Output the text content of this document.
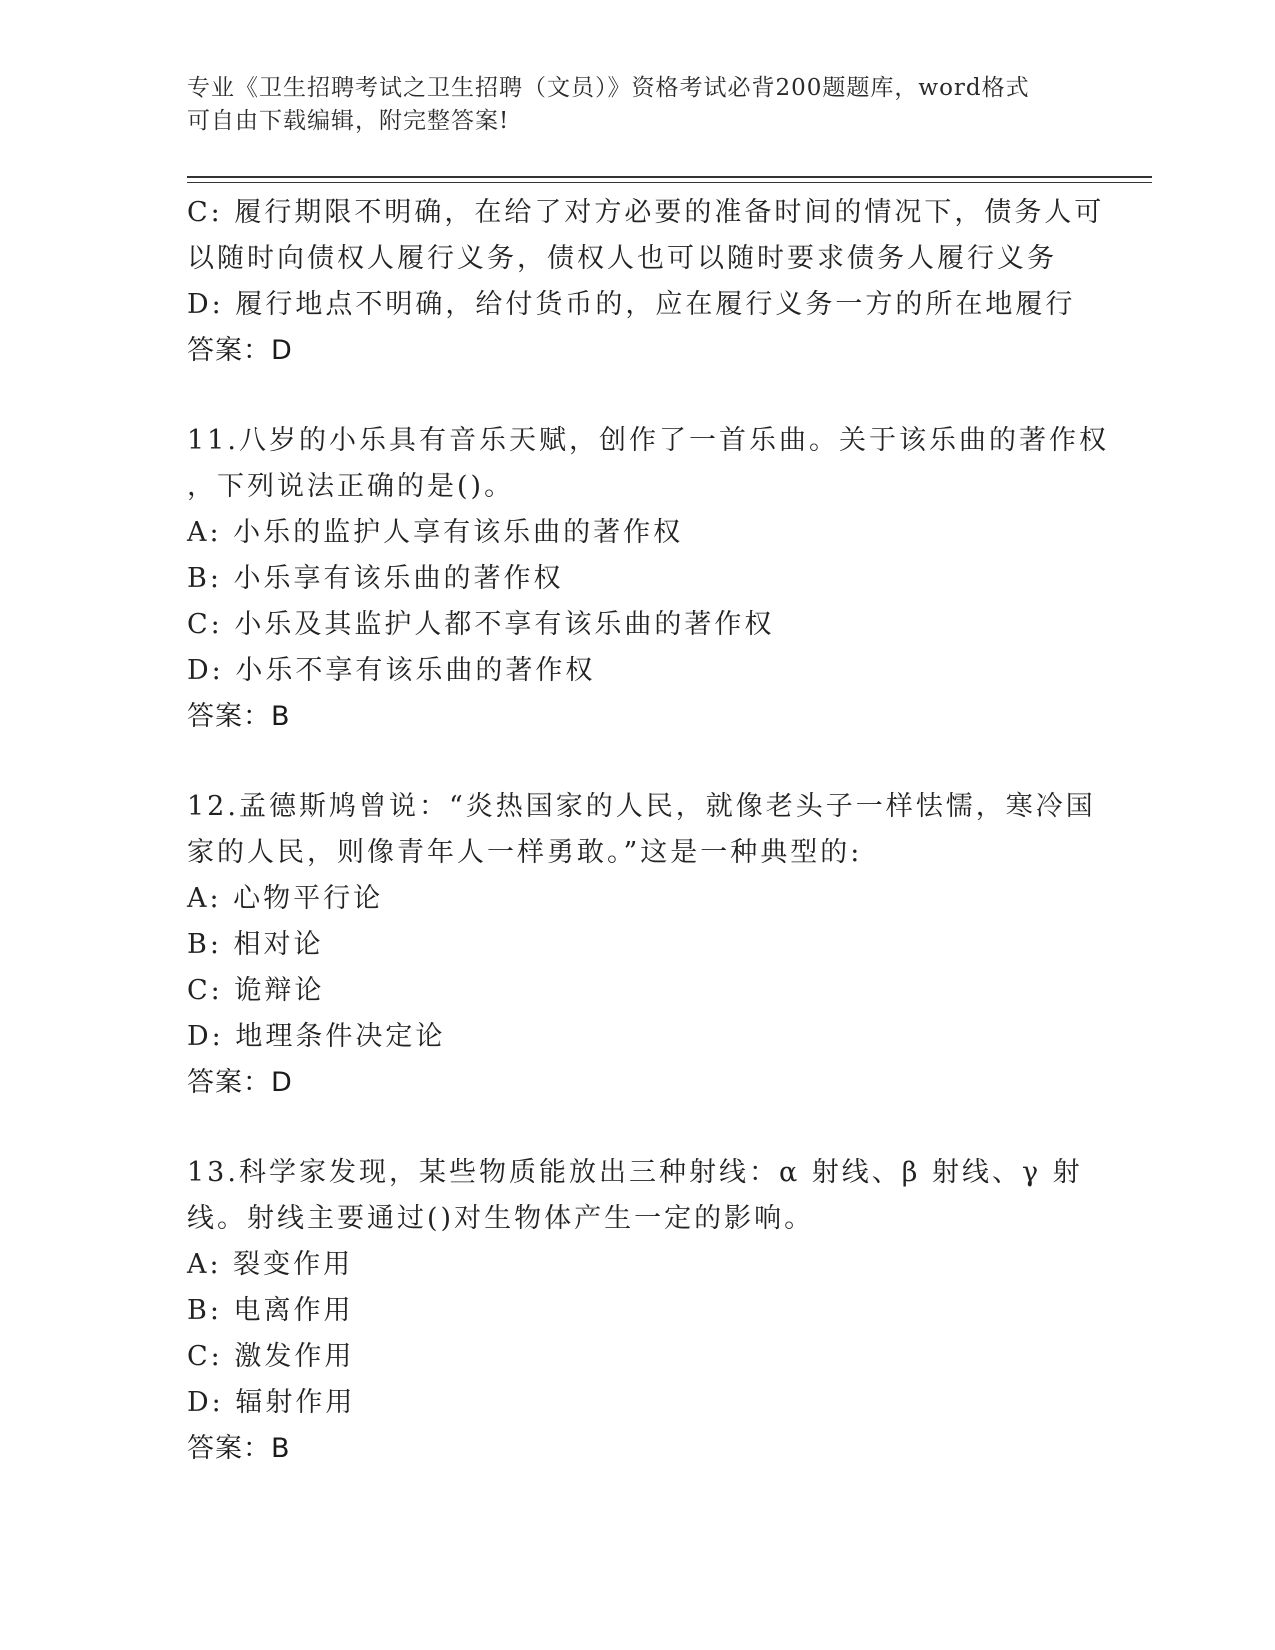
专业《卫生招聘考试之卫生招聘（文员）》资格考试必背200题题库，word格式
可自由下载编辑，附完整答案!
C: 履行期限不明确，在给了对方必要的准备时间的情况下，债务人可
以随时向债权人履行义务，债权人也可以随时要求债务人履行义务
D: 履行地点不明确，给付货币的，应在履行义务一方的所在地履行
答案：D
11.八岁的小乐具有音乐天赋，创作了一首乐曲。关于该乐曲的著作权
，下列说法正确的是()。
A: 小乐的监护人享有该乐曲的著作权
B: 小乐享有该乐曲的著作权
C: 小乐及其监护人都不享有该乐曲的著作权
D: 小乐不享有该乐曲的著作权
答案：B
12.孟德斯鸠曾说：“炎热国家的人民，就像老头子一样怯懦，寒冷国
家的人民，则像青年人一样勇敢。”这是一种典型的:
A: 心物平行论
B: 相对论
C: 诡辩论
D: 地理条件决定论
答案：D
13.科学家发现，某些物质能放出三种射线：α 射线、β 射线、γ 射
线。射线主要通过()对生物体产生一定的影响。
A: 裂变作用
B: 电离作用
C: 激发作用
D: 辐射作用
答案：B
